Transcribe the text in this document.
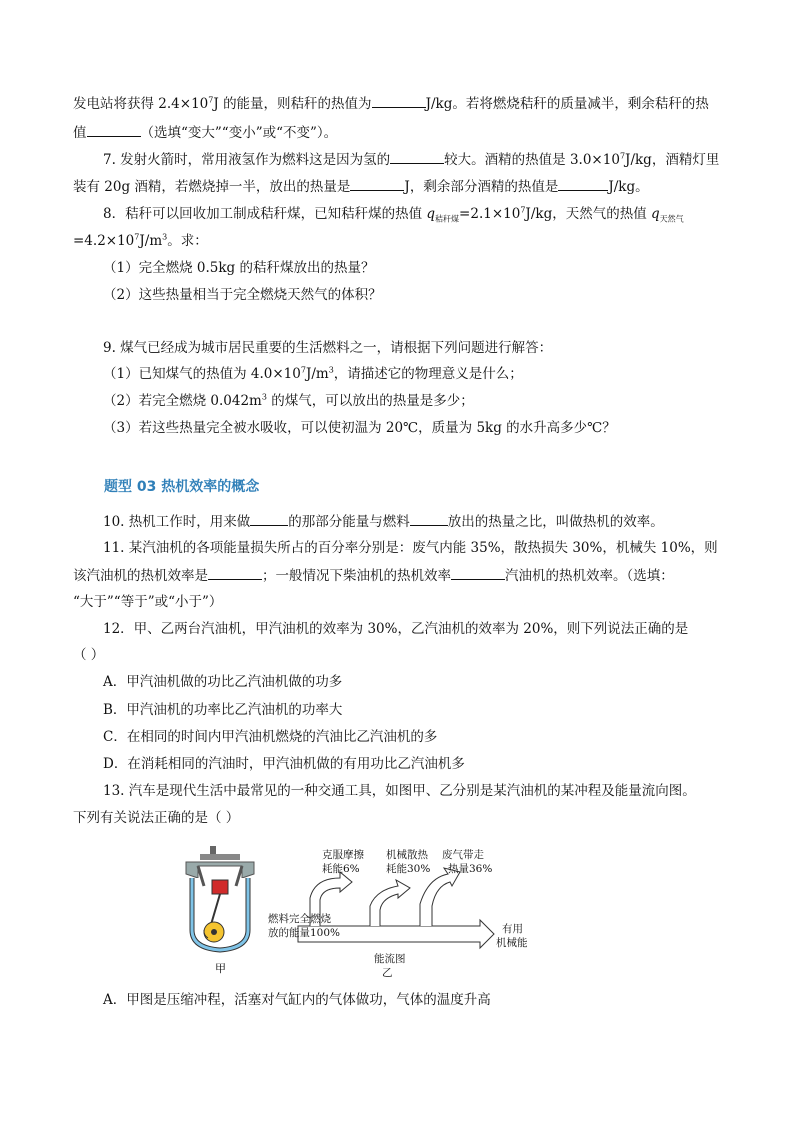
发电站将获得 $2.4\times 10^7J$ 的能量，则秸秆的热值为	J/kg。若将燃烧秸秆的质量减半，剩余秸秆的热
值	（选填“变大”“变小”或“不变”）。
7. 发射火箭时，常用液氢作为燃料这是因为氢的	较大。酒精的热值是 $3.0\times 10^7J/kg$，酒精灯里
装有 20g 酒精，若燃烧掉一半，放出的热量是	J，剩余部分酒精的热值是	J/kg。
8．秸秆可以回收加工制成秸秆煤，已知秸秆煤的热值 $q_{秸秆煤}=2.1\times 10^7J/kg$，天然气的热值 $q_{天然气}$
$=4.2\times 10^7J/m^3$。求：
（1）完全燃烧 0.5kg 的秸秆煤放出的热量？
（2）这些热量相当于完全燃烧天然气的体积？
9. 煤气已经成为城市居民重要的生活燃料之一，请根据下列问题进行解答：
（1）已知煤气的热值为 $4.0\times 10^7J/m^3$，请描述它的物理意义是什么；
（2）若完全燃烧 $0.042m^3$ 的煤气，可以放出的热量是多少；
（3）若这些热量完全被水吸收，可以使初温为 20℃，质量为 5kg 的水升高多少℃？
题型 03 热机效率的概念
10. 热机工作时，用来做	的那部分能量与燃料	放出的热量之比，叫做热机的效率。
11. 某汽油机的各项能量损失所占的百分率分别是：废气内能 35%，散热损失 30%，机械失 10%，则
该汽油机的热机效率是	；一般情况下柴油机的热机效率	汽油机的热机效率。（选填：
“大于”“等于”或“小于”）
12．甲、乙两台汽油机，甲汽油机的效率为 30%，乙汽油机的效率为 20%，则下列说法正确的是
（ ）
A．甲汽油机做的功比乙汽油机做的功多
B．甲汽油机的功率比乙汽油机的功率大
C．在相同的时间内甲汽油机燃烧的汽油比乙汽油机的多
D．在消耗相同的汽油时，甲汽油机做的有用功比乙汽油机多
13. 汽车是现代生活中最常见的一种交通工具，如图甲、乙分别是某汽油机的某冲程及能量流向图。
下列有关说法正确的是（ ）
甲
克服摩擦
耗能6%
机械散热
耗能30%
废气带走
热量36%
燃料完全燃烧
放的能量100%	有用
机械能
能流图
乙
A．甲图是压缩冲程，活塞对气缸内的气体做功，气体的温度升高
